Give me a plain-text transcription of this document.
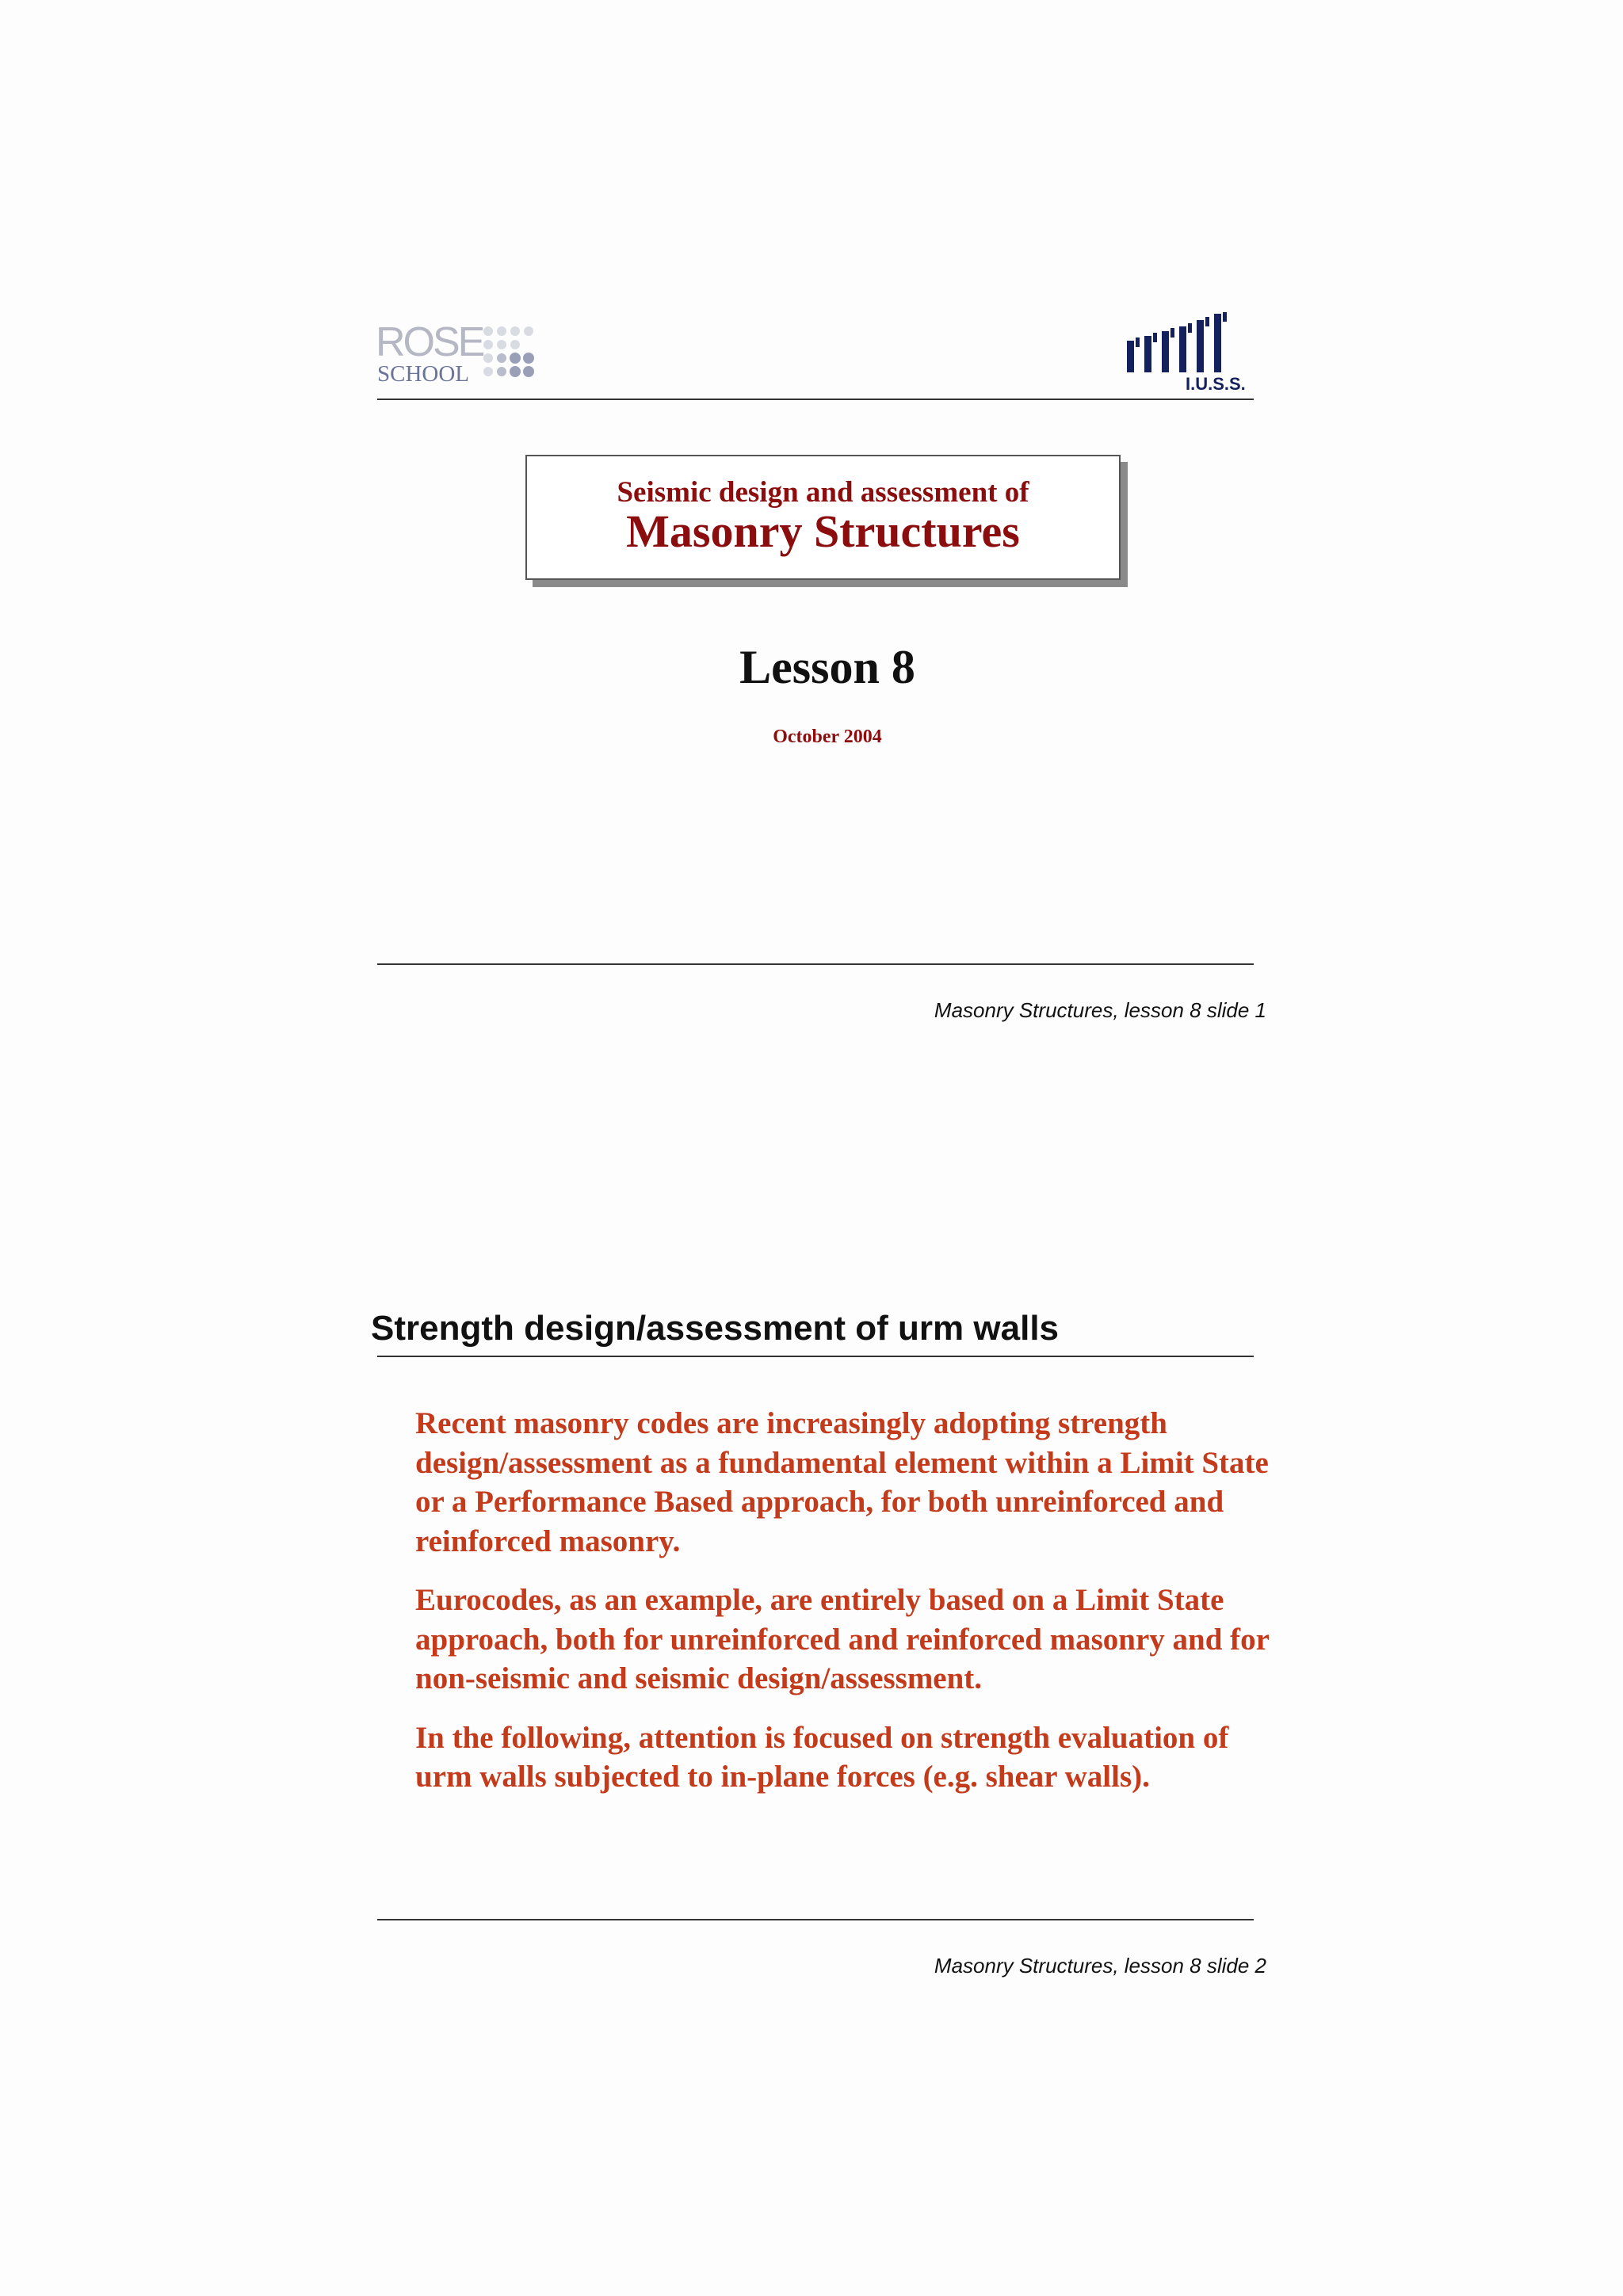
ROSE
SCHOOL	I.U.S.S.
Seismic design and assessment of
Masonry Structures
Lesson 8
October 2004
Masonry Structures, lesson 8 slide 1
Strength design/assessment of urm walls

Recent masonry codes are increasingly adopting strength design/assessment as a fundamental element within a Limit State or a Performance Based approach, for both unreinforced and reinforced masonry.

Eurocodes, as an example, are entirely based on a Limit State approach, both for unreinforced and reinforced masonry and for non-seismic and seismic design/assessment.

In the following, attention is focused on strength evaluation of urm walls subjected to in-plane forces (e.g. shear walls).

Masonry Structures, lesson 8 slide 2
